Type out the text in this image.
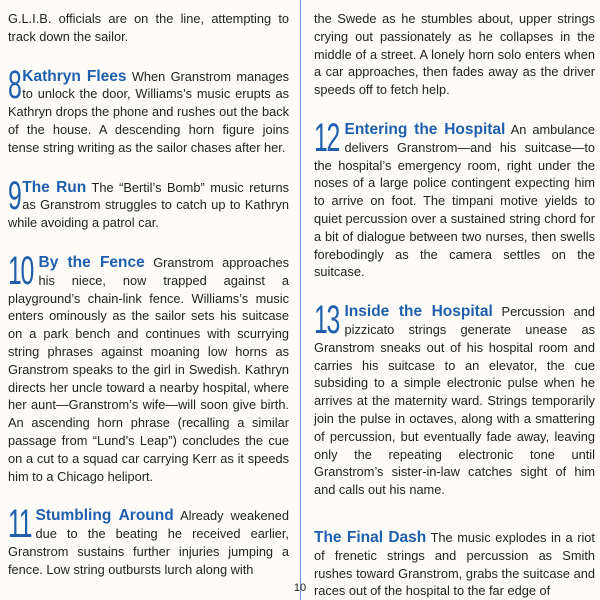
G.L.I.B. officials are on the line, attempting to track down the sailor.

8 Kathryn Flees When Granstrom manages to unlock the door, Williams’s music erupts as Kathryn drops the phone and rushes out the back of the house. A descending horn figure joins tense string writing as the sailor chases after her.

9 The Run The “Bertil’s Bomb” music returns as Granstrom struggles to catch up to Kathryn while avoiding a patrol car.

10 By the Fence Granstrom approaches his niece, now trapped against a playground’s chain-link fence. Williams’s music enters ominously as the sailor sets his suitcase on a park bench and continues with scurrying string phrases against moaning low horns as Granstrom speaks to the girl in Swedish. Kathryn directs her uncle toward a nearby hospital, where her aunt—Granstrom’s wife—will soon give birth. An ascending horn phrase (recalling a similar passage from “Lund’s Leap”) concludes the cue on a cut to a squad car carrying Kerr as it speeds him to a Chicago heliport.

11 Stumbling Around Already weakened due to the beating he received earlier, Granstrom sustains further injuries jumping a fence. Low string outbursts lurch along with

the Swede as he stumbles about, upper strings crying out passionately as he collapses in the middle of a street. A lonely horn solo enters when a car approaches, then fades away as the driver speeds off to fetch help.

12 Entering the Hospital An ambulance delivers Granstrom—and his suitcase—to the hospital’s emergency room, right under the noses of a large police contingent expecting him to arrive on foot. The timpani motive yields to quiet percussion over a sustained string chord for a bit of dialogue between two nurses, then swells forebodingly as the camera settles on the suitcase.

13 Inside the Hospital Percussion and pizzicato strings generate unease as Granstrom sneaks out of his hospital room and carries his suitcase to an elevator, the cue subsiding to a simple electronic pulse when he arrives at the maternity ward. Strings temporarily join the pulse in octaves, along with a smattering of percussion, but eventually fade away, leaving only the repeating electronic tone until Granstrom’s sister-in-law catches sight of him and calls out his name.

The Final Dash The music explodes in a riot of frenetic strings and percussion as Smith rushes toward Granstrom, grabs the suitcase and races out of the hospital to the far edge of

10
